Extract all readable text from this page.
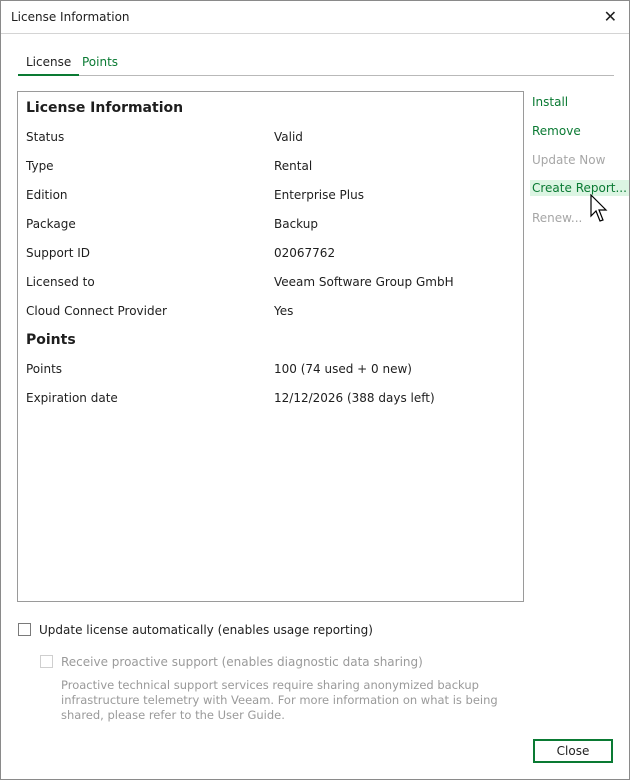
License Information	✕
License Points
License Information
Points
Status	Valid
Type	Rental
Edition	Enterprise Plus
Package	Backup
Support ID	02067762
Licensed to	Veeam Software Group GmbH
Cloud Connect Provider	Yes
Points	100 (74 used + 0 new)
Expiration date	12/12/2026 (388 days left)
Install
Remove
Update Now
Create Report...
Renew...
Update license automatically (enables usage reporting)
Receive proactive support (enables diagnostic data sharing)
Proactive technical support services require sharing anonymized backup infrastructure telemetry with Veeam. For more information on what is being shared, please refer to the User Guide.
Close
